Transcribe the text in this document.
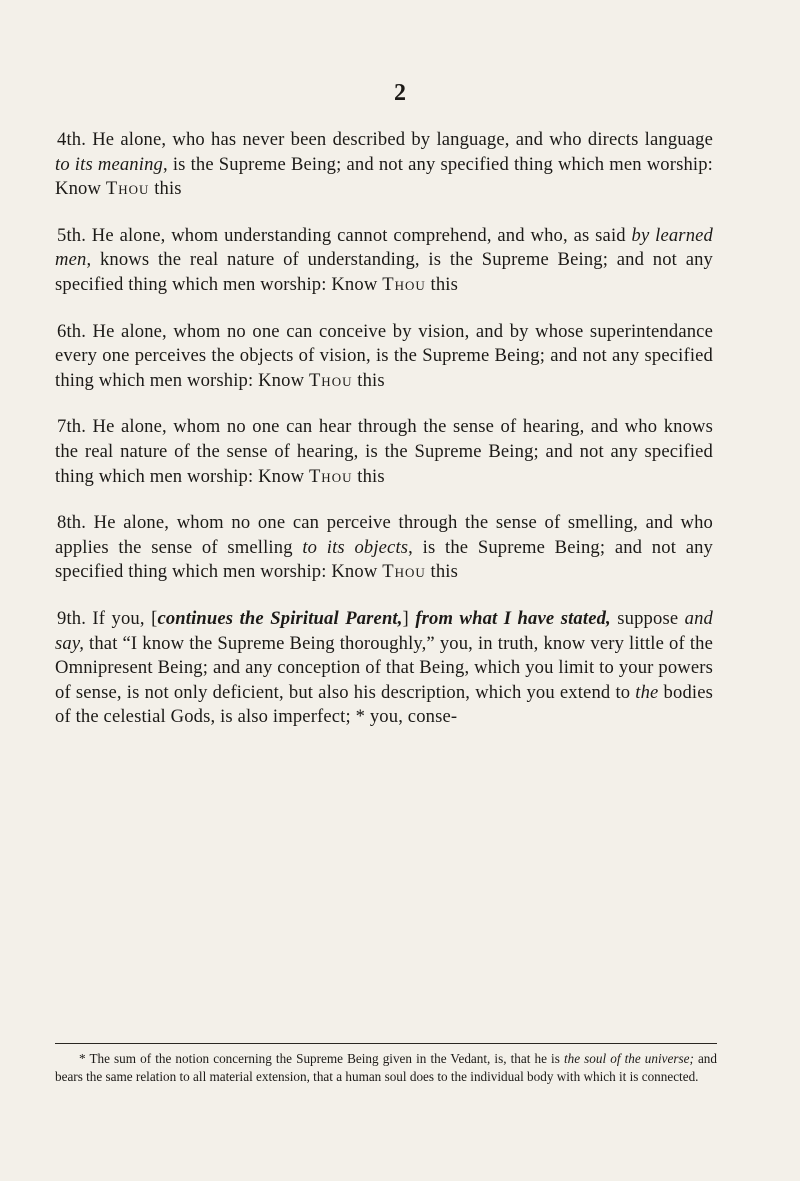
2

4th. He alone, who has never been described by language, and who directs language to its meaning, is the Supreme Being; and not any specified thing which men worship: Know Thou this

5th. He alone, whom understanding cannot comprehend, and who, as said by learned men, knows the real nature of understanding, is the Supreme Being; and not any specified thing which men worship: Know Thou this

6th. He alone, whom no one can conceive by vision, and by whose superintendance every one perceives the objects of vision, is the Supreme Being; and not any specified thing which men worship: Know Thou this

7th. He alone, whom no one can hear through the sense of hearing, and who knows the real nature of the sense of hearing, is the Supreme Being; and not any specified thing which men worship: Know Thou this

8th. He alone, whom no one can perceive through the sense of smelling, and who applies the sense of smelling to its objects, is the Supreme Being; and not any specified thing which men worship: Know Thou this

9th. If you, [continues the Spiritual Parent,] from what I have stated, suppose and say, that “I know the Supreme Being thoroughly,” you, in truth, know very little of the Omnipresent Being; and any conception of that Being, which you limit to your powers of sense, is not only deficient, but also his description, which you extend to the bodies of the celestial Gods, is also imperfect; * you, conse-

* The sum of the notion concerning the Supreme Being given in the Vedant, is, that he is the soul of the universe; and bears the same relation to all material extension, that a human soul does to the individual body with which it is connected.
